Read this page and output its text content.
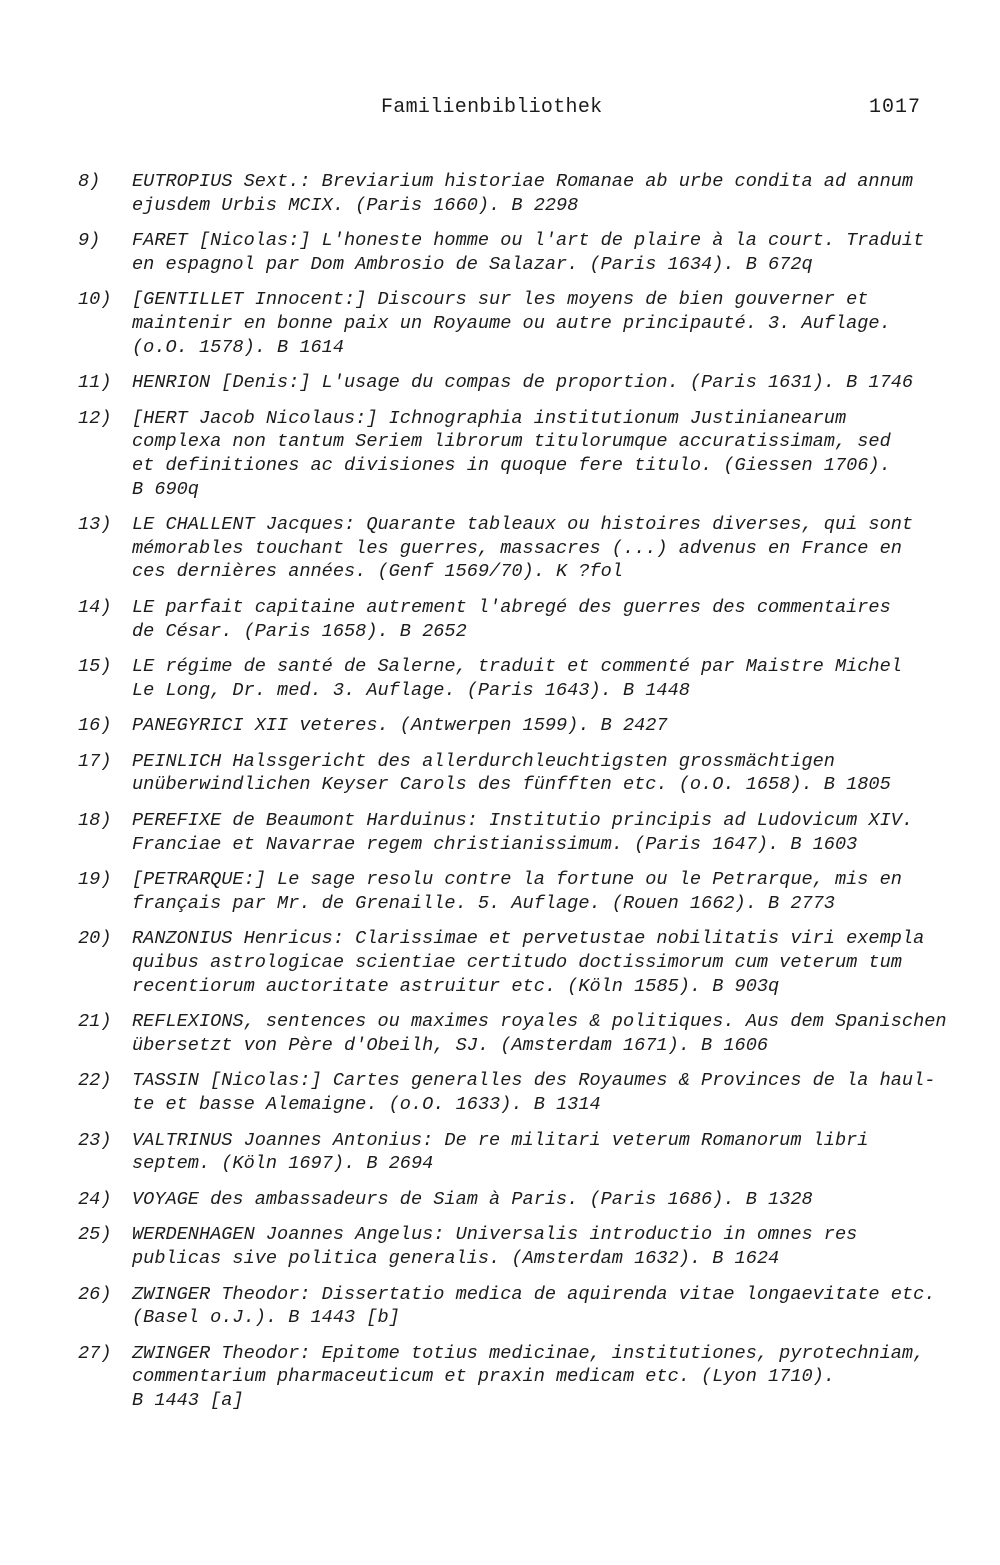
Familienbibliothek	1017
8)	EUTROPIUS Sext.: Breviarium historiae Romanae ab urbe condita ad annum
ejusdem Urbis MCIX. (Paris 1660). B 2298
9)	FARET [Nicolas:] L'honeste homme ou l'art de plaire à la court. Traduit
en espagnol par Dom Ambrosio de Salazar. (Paris 1634). B 672q
10)	[GENTILLET Innocent:] Discours sur les moyens de bien gouverner et
maintenir en bonne paix un Royaume ou autre principauté. 3. Auflage.
(o.O. 1578). B 1614
11)	HENRION [Denis:] L'usage du compas de proportion. (Paris 1631). B 1746
12)	[HERT Jacob Nicolaus:] Ichnographia institutionum Justinianearum
complexa non tantum Seriem librorum titulorumque accuratissimam, sed
et definitiones ac divisiones in quoque fere titulo. (Giessen 1706).
B 690q
13)	LE CHALLENT Jacques: Quarante tableaux ou histoires diverses, qui sont
mémorables touchant les guerres, massacres (...) advenus en France en
ces dernières années. (Genf 1569/70). K ?fol
14)	LE parfait capitaine autrement l'abregé des guerres des commentaires
de César. (Paris 1658). B 2652
15)	LE régime de santé de Salerne, traduit et commenté par Maistre Michel
Le Long, Dr. med. 3. Auflage. (Paris 1643). B 1448
16)	PANEGYRICI XII veteres. (Antwerpen 1599). B 2427
17)	PEINLICH Halssgericht des allerdurchleuchtigsten grossmächtigen
unüberwindlichen Keyser Carols des fünfften etc. (o.O. 1658). B 1805
18)	PEREFIXE de Beaumont Harduinus: Institutio principis ad Ludovicum XIV.
Franciae et Navarrae regem christianissimum. (Paris 1647). B 1603
19)	[PETRARQUE:] Le sage resolu contre la fortune ou le Petrarque, mis en
français par Mr. de Grenaille. 5. Auflage. (Rouen 1662). B 2773
20)	RANZONIUS Henricus: Clarissimae et pervetustae nobilitatis viri exempla
quibus astrologicae scientiae certitudo doctissimorum cum veterum tum
recentiorum auctoritate astruitur etc. (Köln 1585). B 903q
21)	REFLEXIONS, sentences ou maximes royales & politiques. Aus dem Spanischen
übersetzt von Père d'Obeilh, SJ. (Amsterdam 1671). B 1606
22)	TASSIN [Nicolas:] Cartes generalles des Royaumes & Provinces de la haul-
te et basse Alemaigne. (o.O. 1633). B 1314
23)	VALTRINUS Joannes Antonius: De re militari veterum Romanorum libri
septem. (Köln 1697). B 2694
24)	VOYAGE des ambassadeurs de Siam à Paris. (Paris 1686). B 1328
25)	WERDENHAGEN Joannes Angelus: Universalis introductio in omnes res
publicas sive politica generalis. (Amsterdam 1632). B 1624
26)	ZWINGER Theodor: Dissertatio medica de aquirenda vitae longaevitate etc.
(Basel o.J.). B 1443 [b]
27)	ZWINGER Theodor: Epitome totius medicinae, institutiones, pyrotechniam,
commentarium pharmaceuticum et praxin medicam etc. (Lyon 1710).
B 1443 [a]
